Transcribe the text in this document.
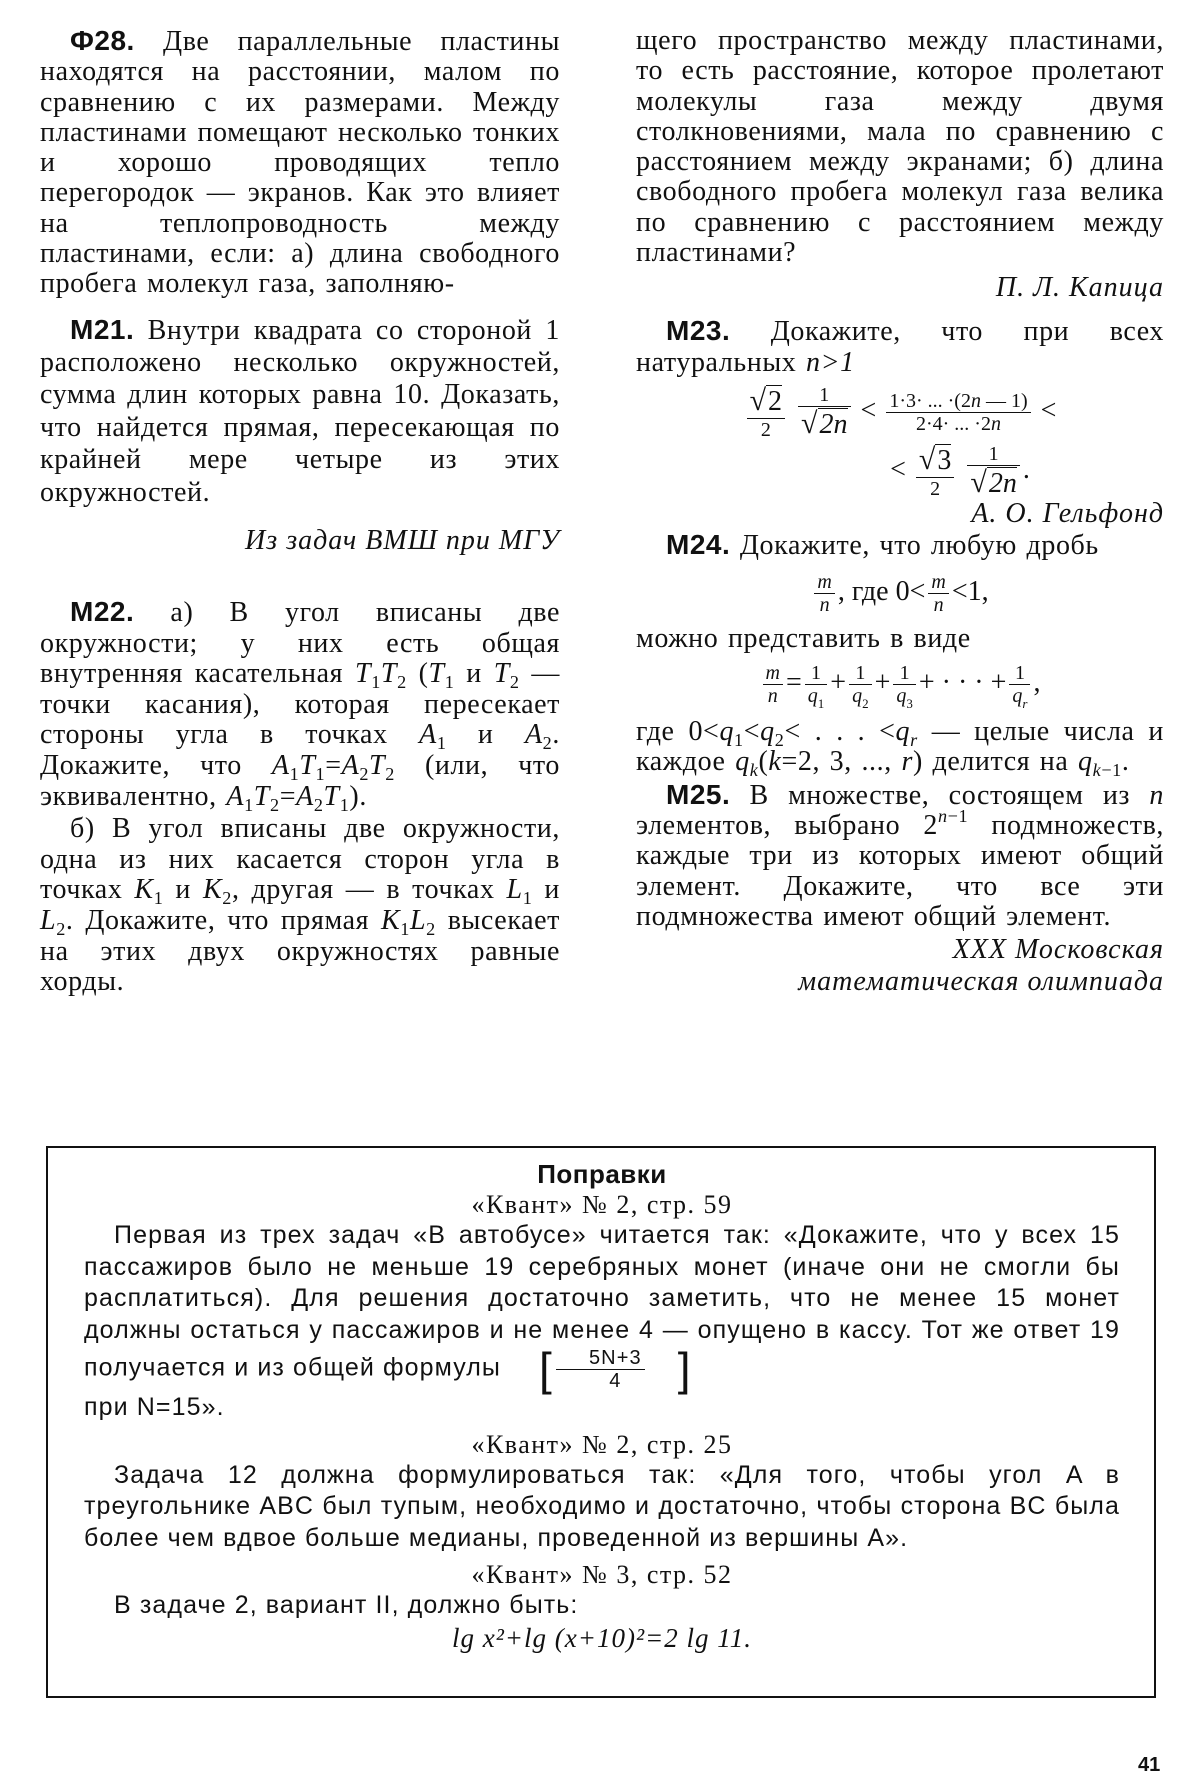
Ф28. Две параллельные пластины находятся на расстоянии, малом по сравнению с их размерами. Между пластинами помещают несколько тонких и хорошо проводящих тепло перегородок — экранов. Как это влияет на теплопроводность между пластинами, если: а) длина свободного пробега молекул газа, заполняю-

М21. Внутри квадрата со стороной 1 расположено несколько окружностей, сумма длин которых равна 10. Доказать, что найдется прямая, пересекающая по крайней мере четыре из этих окружностей.

Из задач ВМШ при МГУ

М22. а) В угол вписаны две окружности; у них есть общая внутренняя касательная $T_1T_2$ ($T_1$ и $T_2$ — точки касания), которая пересекает стороны угла в точках $A_1$ и $A_2$. Докажите, что $A_1T_1=A_2T_2$ (или, что эквивалентно, $A_1T_2=A_2T_1$).

б) В угол вписаны две окружности, одна из них касается сторон угла в точках $K_1$ и $K_2$, другая — в точках $L_1$ и $L_2$. Докажите, что прямая $K_1L_2$ высекает на этих двух окружностях равные хорды.

щего пространство между пластинами, то есть расстояние, которое пролетают молекулы газа между двумя столкновениями, мала по сравнению с расстоянием между экранами; б) длина свободного пробега молекул газа велика по сравнению с расстоянием между пластинами?

П. Л. Капица

М23. Докажите, что при всех натуральных n>1

$\frac{√2}{2}$
$\frac{1}{√2n} < \frac{1\cdot 3\cdot ... \cdot(2n — 1)}{2\cdot 4\cdot ... \cdot 2n}$ <
< $\frac{√3}{2}$
$\frac{1}{√2n}$ .

А. О. Гельфонд

М24. Докажите, что любую дробь

$\frac{m}{n}$ , где $0< \frac{m}{n} <1$,

можно представить в виде

$\frac{m}{n} = \frac{1}{q_1} + \frac{1}{q_2} + \frac{1}{q_3}$ + · · · + $\frac{1}{q_r}$ ,

где $0<q_1<q_2<$ . . . $<q_r$ — целые числа и каждое $q_k(k=2$, 3, ..., r) делится на $q_{k-1}$.

М25. В множестве, состоящем из n элементов, выбрано $2^{n-1}$ подмножеств, каждые три из которых имеют общий элемент. Докажите, что все эти подмножества имеют общий элемент.

XXX Московская математическая олимпиада

Поправки
«Квант» № 2, стр. 59

Первая из трех задач «В автобусе» читается так: «Докажите, что у всех 15 пассажиров было не меньше 19 серебряных монет (иначе они не смогли бы расплатиться). Для решения достаточно заметить, что не менее 15 монет должны остаться у пассажиров и не менее 4 — опущено в кассу. Тот же ответ 19 получается и из общей формулы [ $\frac{5N+3}{4}$ ]
при N=15».

«Квант» № 2, стр. 25

Задача 12 должна формулироваться так: «Для того, чтобы угол A в треугольнике ABC был тупым, необходимо и достаточно, чтобы сторона BC была более чем вдвое больше медианы, проведенной из вершины A».

«Квант» № 3, стр. 52

В задаче 2, вариант II, должно быть:

lg x²+lg (x+10)²=2 lg 11.
41
